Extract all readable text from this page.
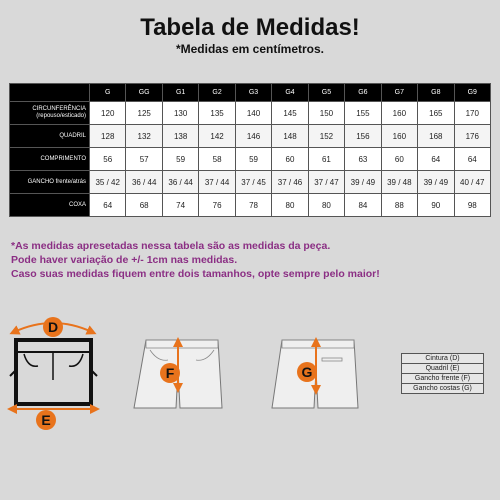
Tabela de Medidas!
*Medidas em centímetros.
	G	GG	G1	G2	G3	G4	G5	G6	G7	G8	G9

CIRCUNFERÊNCIA
(repouso/esticado)	120	125	130	135	140	145	150	155	160	165	170

QUADRIL	128	132	138	142	146	148	152	156	160	168	176

COMPRIMENTO	56	57	59	58	59	60	61	63	60	64	64

GANCHO frente/atrás	35 / 42	36 / 44	36 / 44	37 / 44	37 / 45	37 / 46	37 / 47	39 / 49	39 / 48	39 / 49	40 / 47

COXA	64	68	74	76	78	80	80	84	88	90	98
*As medidas apresetadas nessa tabela são as medidas da peça.
Pode haver variação de +/- 1cm nas medidas.
Caso suas medidas fiquem entre dois tamanhos, opte sempre pelo maior!
D
E
F	G
Cintura (D)
Quadril (E)
Gancho frente (F)
Gancho costas (G)
